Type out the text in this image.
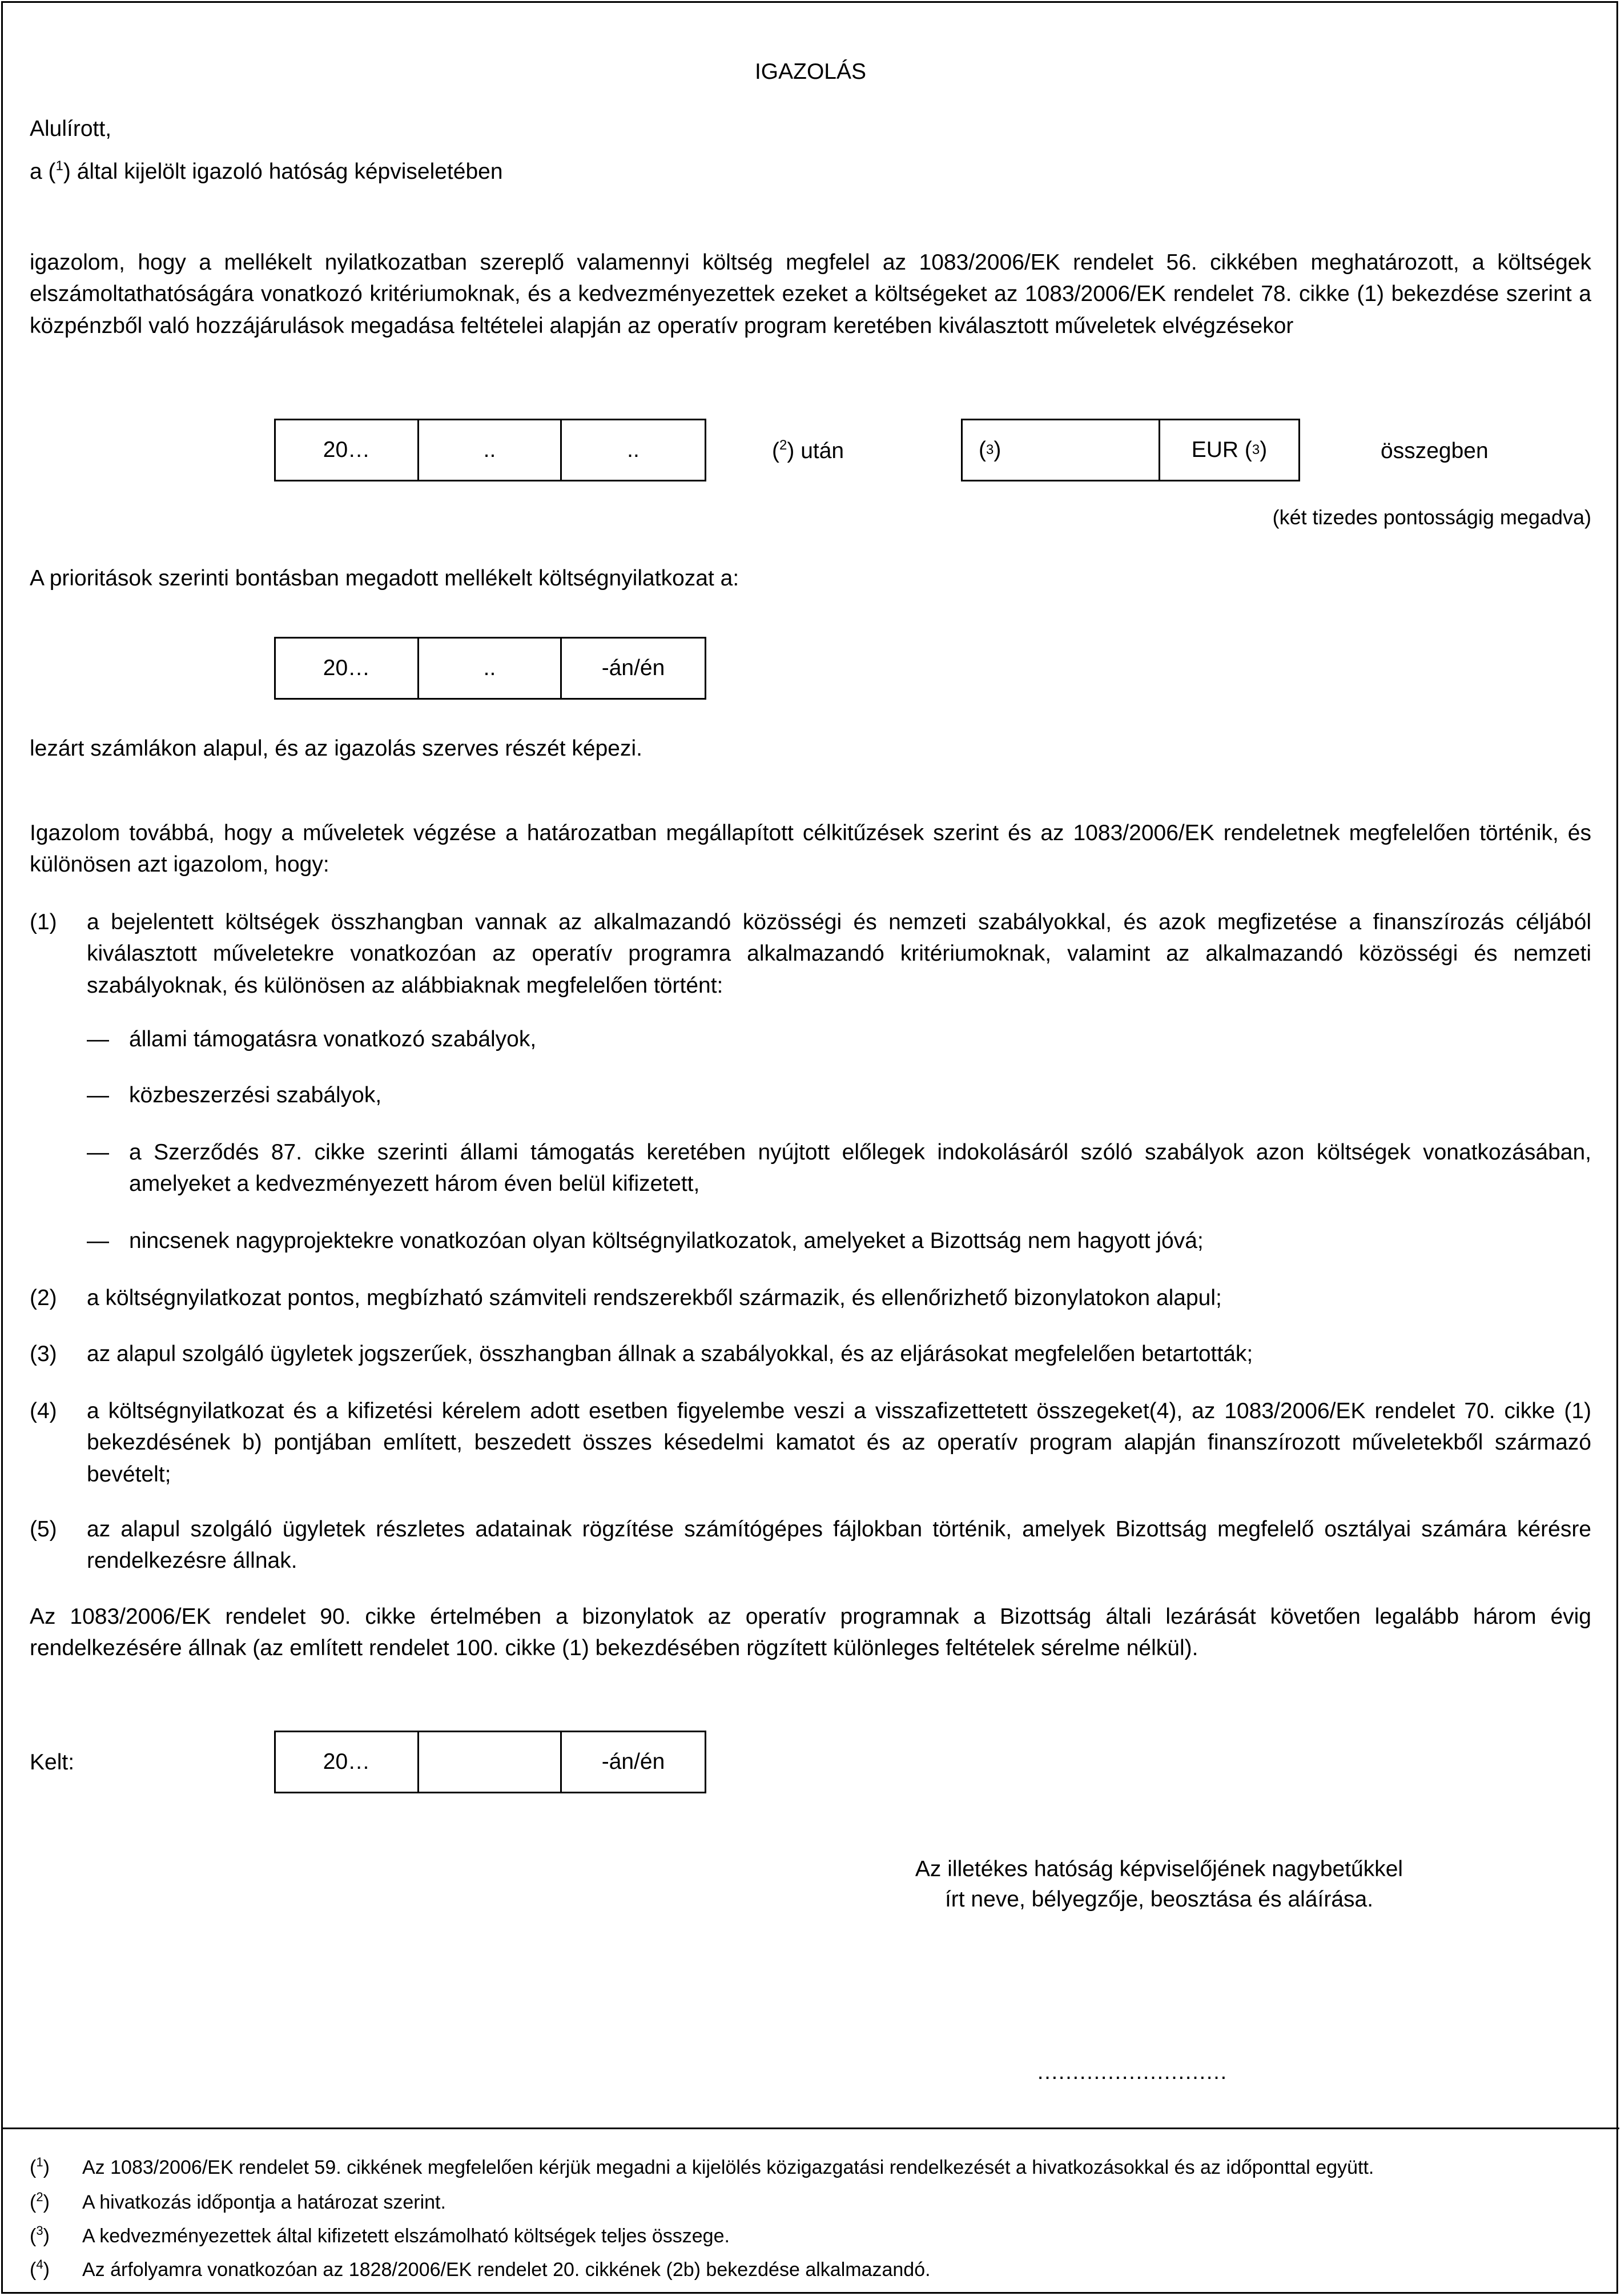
IGAZOLÁS
Alulírott,
a ($^1$) által kijelölt igazoló hatóság képviseletében
igazolom, hogy a mellékelt nyilatkozatban szereplő valamennyi költség megfelel az 1083/2006/EK rendelet 56. cikkében meghatározott, a költségek elszámoltathatóságára vonatkozó kritériumoknak, és a kedvezményezettek ezeket a költségeket az 1083/2006/EK rendelet 78. cikke (1) bekezdése szerint a közpénzből való hozzájárulások megadása feltételei alapján az operatív program keretében kiválasztott műveletek elvégzésekor
20…	..	..	($^2$) után	( 3 )	EUR ( 3 )	összegben
(két tizedes pontosságig megadva)
A prioritások szerinti bontásban megadott mellékelt költségnyilatkozat a:
20…	..	-án/én
lezárt számlákon alapul, és az igazolás szerves részét képezi.
Igazolom továbbá, hogy a műveletek végzése a határozatban megállapított célkitűzések szerint és az 1083/2006/EK rendeletnek megfelelően történik, és különösen azt igazolom, hogy:
(1)	a bejelentett költségek összhangban vannak az alkalmazandó közösségi és nemzeti szabályokkal, és azok megfizetése a finanszírozás céljából kiválasztott műveletekre vonatkozóan az operatív programra alkalmazandó kritériumoknak, valamint az alkalmazandó közösségi és nemzeti szabályoknak, és különösen az alábbiaknak megfelelően történt:
— állami támogatásra vonatkozó szabályok,
— közbeszerzési szabályok,
— a Szerződés 87. cikke szerinti állami támogatás keretében nyújtott előlegek indokolásáról szóló szabályok azon költségek vonatkozásában, amelyeket a kedvezményezett három éven belül kifizetett,
— nincsenek nagyprojektekre vonatkozóan olyan költségnyilatkozatok, amelyeket a Bizottság nem hagyott jóvá;
(2)	a költségnyilatkozat pontos, megbízható számviteli rendszerekből származik, és ellenőrizhető bizonylatokon alapul;
(3)	az alapul szolgáló ügyletek jogszerűek, összhangban állnak a szabályokkal, és az eljárásokat megfelelően betartották;
(4)	a költségnyilatkozat és a kifizetési kérelem adott esetben figyelembe veszi a visszafizettetett összegeket(4), az 1083/2006/EK rendelet 70. cikke (1) bekezdésének b) pontjában említett, beszedett összes késedelmi kamatot és az operatív program alapján finanszírozott műveletekből származó bevételt;
(5)	az alapul szolgáló ügyletek részletes adatainak rögzítése számítógépes fájlokban történik, amelyek Bizottság megfelelő osztályai számára kérésre rendelkezésre állnak.
Az 1083/2006/EK rendelet 90. cikke értelmében a bizonylatok az operatív programnak a Bizottság általi lezárását követően legalább három évig rendelkezésére állnak (az említett rendelet 100. cikke (1) bekezdésében rögzített különleges feltételek sérelme nélkül).
Kelt:	20…	-án/én
Az illetékes hatóság képviselőjének nagybetűkkel
írt neve, bélyegzője, beosztása és aláírása.
………………………
($^1$)	Az 1083/2006/EK rendelet 59. cikkének megfelelően kérjük megadni a kijelölés közigazgatási rendelkezését a hivatkozásokkal és az időponttal együtt.
($^2$)	A hivatkozás időpontja a határozat szerint.
($^3$)	A kedvezményezettek által kifizetett elszámolható költségek teljes összege.
($^4$)	Az árfolyamra vonatkozóan az 1828/2006/EK rendelet 20. cikkének (2b) bekezdése alkalmazandó.
